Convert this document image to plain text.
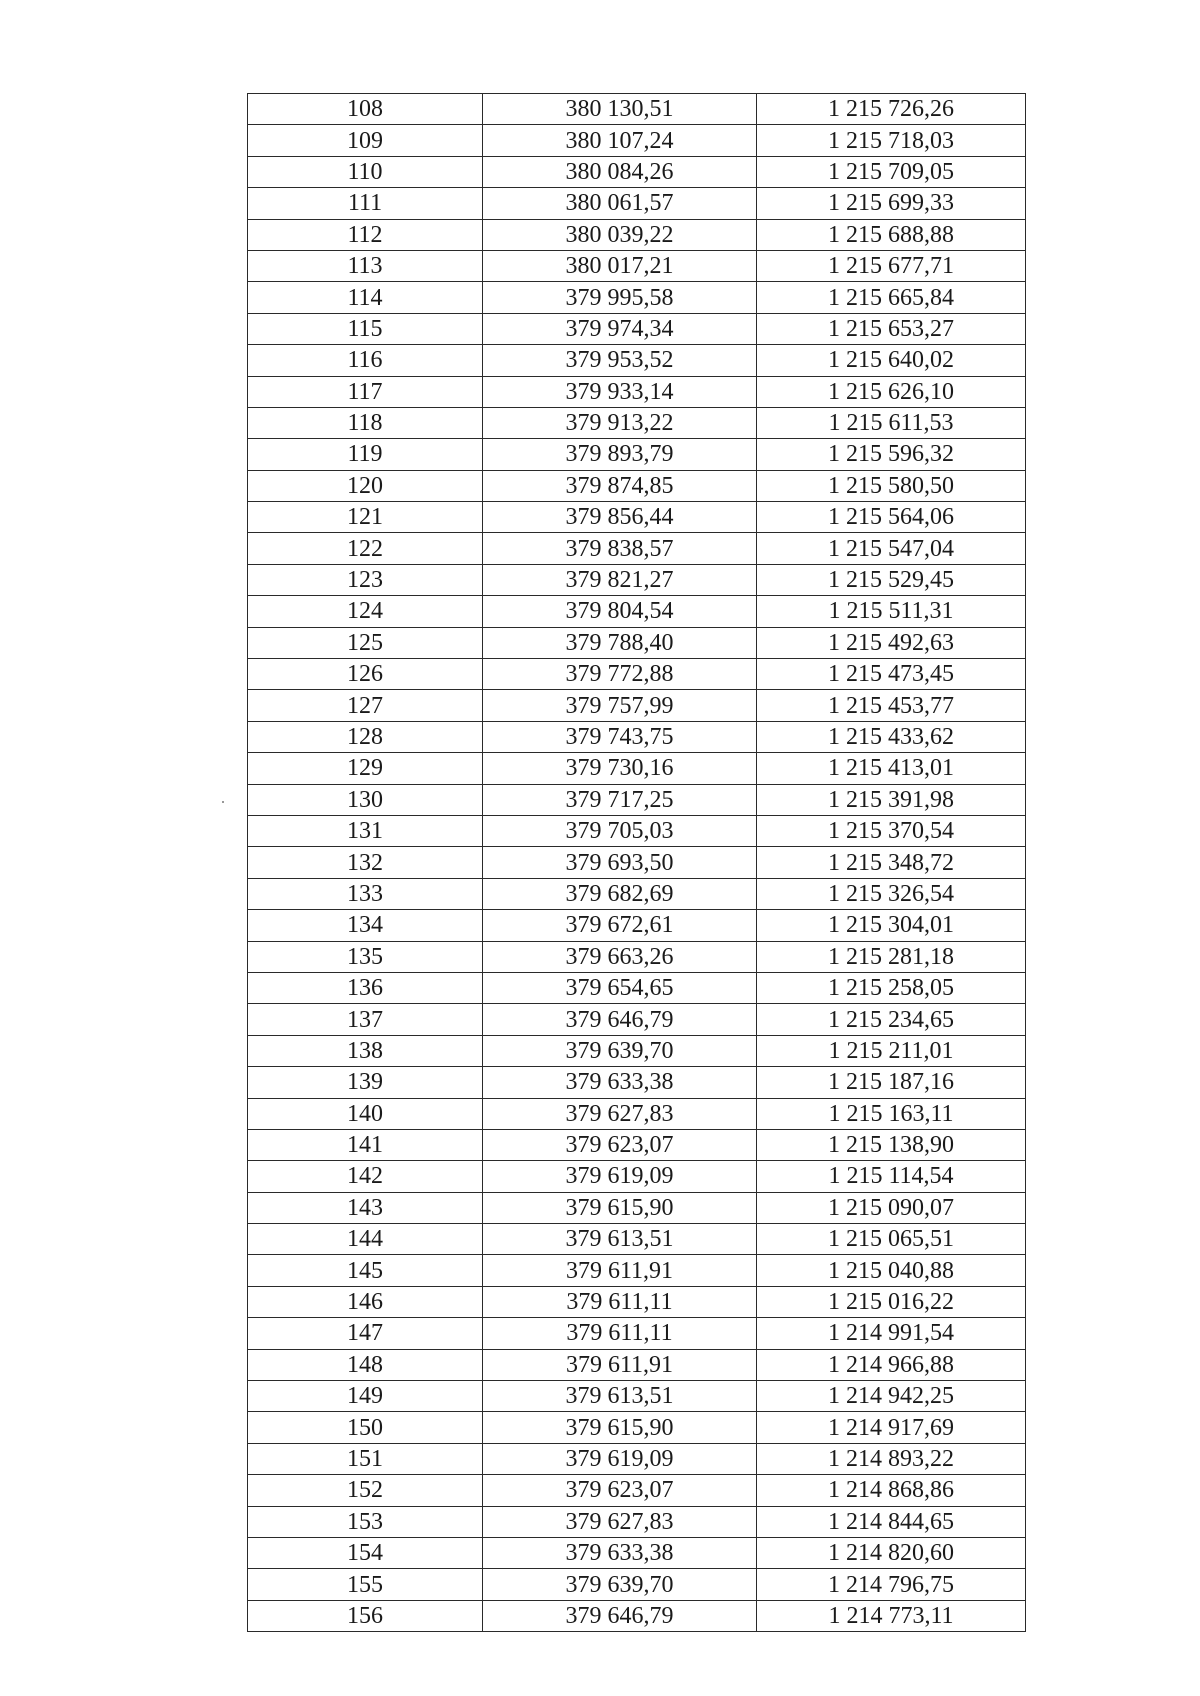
108	380 130,51	1 215 726,26
109	380 107,24	1 215 718,03
110	380 084,26	1 215 709,05
111	380 061,57	1 215 699,33
112	380 039,22	1 215 688,88
113	380 017,21	1 215 677,71
114	379 995,58	1 215 665,84
115	379 974,34	1 215 653,27
116	379 953,52	1 215 640,02
117	379 933,14	1 215 626,10
118	379 913,22	1 215 611,53
119	379 893,79	1 215 596,32
120	379 874,85	1 215 580,50
121	379 856,44	1 215 564,06
122	379 838,57	1 215 547,04
123	379 821,27	1 215 529,45
124	379 804,54	1 215 511,31
125	379 788,40	1 215 492,63
126	379 772,88	1 215 473,45
127	379 757,99	1 215 453,77
128	379 743,75	1 215 433,62
129	379 730,16	1 215 413,01
130	379 717,25	1 215 391,98
131	379 705,03	1 215 370,54
132	379 693,50	1 215 348,72
133	379 682,69	1 215 326,54
134	379 672,61	1 215 304,01
135	379 663,26	1 215 281,18
136	379 654,65	1 215 258,05
137	379 646,79	1 215 234,65
138	379 639,70	1 215 211,01
139	379 633,38	1 215 187,16
140	379 627,83	1 215 163,11
141	379 623,07	1 215 138,90
142	379 619,09	1 215 114,54
143	379 615,90	1 215 090,07
144	379 613,51	1 215 065,51
145	379 611,91	1 215 040,88
146	379 611,11	1 215 016,22
147	379 611,11	1 214 991,54
148	379 611,91	1 214 966,88
149	379 613,51	1 214 942,25
150	379 615,90	1 214 917,69
151	379 619,09	1 214 893,22
152	379 623,07	1 214 868,86
153	379 627,83	1 214 844,65
154	379 633,38	1 214 820,60
155	379 639,70	1 214 796,75
156	379 646,79	1 214 773,11
